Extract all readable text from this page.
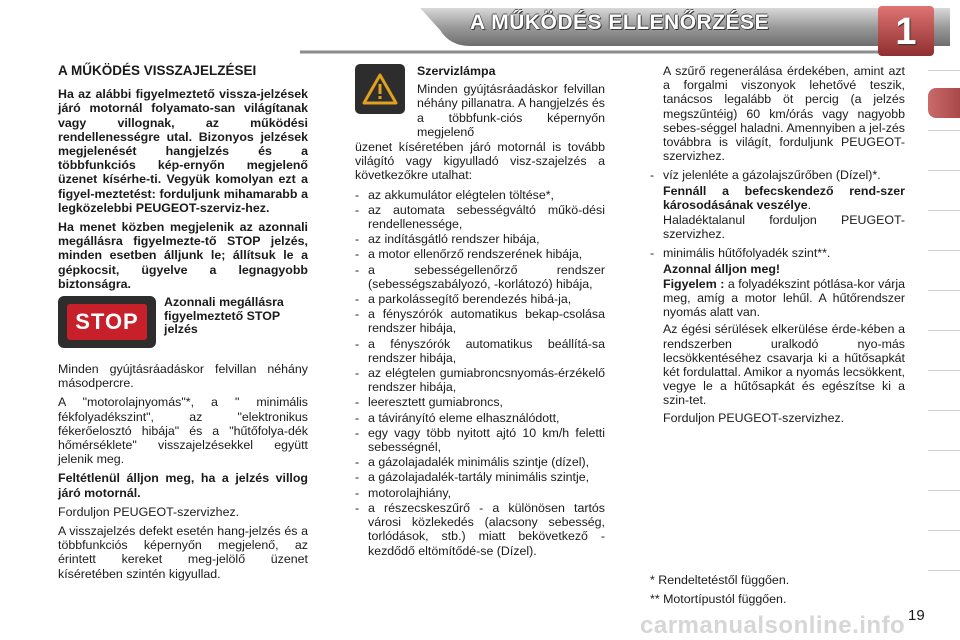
A MŰKÖDÉS ELLENŐRZÉSE	1
A MŰKÖDÉS VISSZAJELZÉSEI

Ha az alábbi figyelmeztető vissza-jelzések járó motornál folyamato-san világítanak vagy villognak, az működési rendellenességre utal. Bizonyos jelzések megjelenését hangjelzés és a többfunkciós kép-ernyőn megjelenő üzenet kísérhe-ti. Vegyük komolyan ezt a figyel-meztetést: forduljunk mihamarabb a legközelebbi PEUGEOT-szerviz-hez.

Ha menet közben megjelenik az azonnali megállásra figyelmezte-tő STOP jelzés, minden esetben álljunk le; állítsuk le a gépkocsit, ügyelve a legnagyobb biztonságra.

STOP
Azonnali megállásra figyelmeztető STOP jelzés

Minden gyújtásráadáskor felvillan néhány másodpercre.

A "motorolajnyomás"*, a " minimális fékfolyadékszint", az "elektronikus fékerőelosztó hibája" és a "hűtőfolya-dék hőmérséklete" visszajelzésekkel együtt jelenik meg.

Feltétlenül álljon meg, ha a jelzés villog járó motornál.

Forduljon PEUGEOT-szervizhez.

A visszajelzés defekt esetén hang-jelzés és a többfunkciós képernyőn megjelenő, az érintett kereket meg-jelölő üzenet kíséretében szintén kigyullad.

Szervizlámpa

Minden gyújtásráadáskor felvillan néhány pillanatra. A hangjelzés és a többfunk-ciós képernyőn megjelenő

üzenet kíséretében járó motornál is tovább világító vagy kigyulladó visz-szajelzés a következőkre utalhat:

- az akkumulátor elégtelen töltése*,
- az automata sebességváltó műkö-dési rendellenessége,
- az indításgátló rendszer hibája,
- a motor ellenőrző rendszerének hibája,
- a sebességellenőrző rendszer (sebességszabályozó, -korlátozó) hibája,
- a parkolássegítő berendezés hibá-ja,
- a fényszórók automatikus bekap-csolása rendszer hibája,
- a fényszórók automatikus beállítá-sa rendszer hibája,
- az elégtelen gumiabroncsnyomás-érzékelő rendszer hibája,
- leeresztett gumiabroncs,
- a távirányító eleme elhasználódott,
- egy vagy több nyitott ajtó 10 km/h feletti sebességnél,
- a gázolajadalék minimális szintje (dízel),
- a gázolajadalék-tartály minimális szintje,
- motorolajhiány,
- a részecskeszűrő - a különösen tartós városi közlekedés (alacsony sebesség, torlódások, stb.) miatt bekövetkező - kezdődő eltömítődé-se (Dízel).

A szűrő regenerálása érdekében, amint azt a forgalmi viszonyok lehetővé teszik, tanácsos legalább öt percig (a jelzés megszűntéig) 60 km/órás vagy nagyobb sebes-séggel haladni. Amennyiben a jel-zés továbbra is világít, forduljunk PEUGEOT-szervizhez.

- víz jelenléte a gázolajszűrőben (Dízel)*.

Fennáll a befecskendező rend-szer károsodásának veszélye.

Haladéktalanul forduljon PEUGEOT-szervizhez.

- minimális hűtőfolyadék szint**.

Azonnal álljon meg!

Figyelem : a folyadékszint pótlása-kor várja meg, amíg a motor lehűl. A hűtőrendszer nyomás alatt van.

Az égési sérülések elkerülése érde-kében a rendszerben uralkodó nyo-más lecsökkentéséhez csavarja ki a hűtősapkát két fordulattal. Amikor a nyomás lecsökkent, vegye le a hűtősapkát és egészítse ki a szin-tet.

Forduljon PEUGEOT-szervizhez.

* Rendeltetéstől függően.
** Motortípustól függően.
carmanualsonline.info 19
